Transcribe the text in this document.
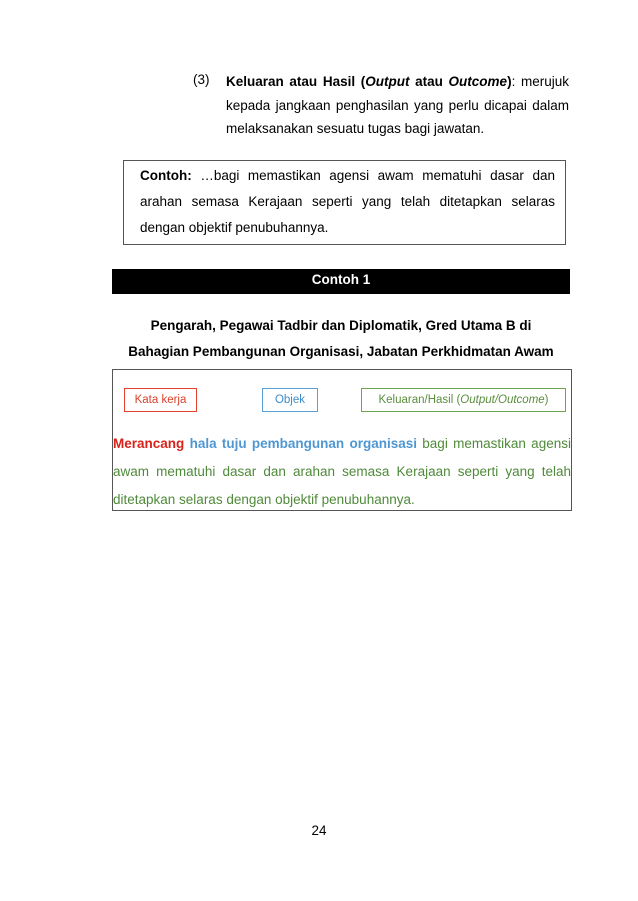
(3) Keluaran atau Hasil (Output atau Outcome): merujuk kepada jangkaan penghasilan yang perlu dicapai dalam melaksanakan sesuatu tugas bagi jawatan.
Contoh: …bagi memastikan agensi awam mematuhi dasar dan arahan semasa Kerajaan seperti yang telah ditetapkan selaras dengan objektif penubuhannya.
Contoh 1
Pengarah, Pegawai Tadbir dan Diplomatik, Gred Utama B di
Bahagian Pembangunan Organisasi, Jabatan Perkhidmatan Awam
Kata kerja	Objek	Keluaran/Hasil (Output/Outcome)
Merancang hala tuju pembangunan organisasi bagi memastikan agensi awam mematuhi dasar dan arahan semasa Kerajaan seperti yang telah ditetapkan selaras dengan objektif penubuhannya.
24
